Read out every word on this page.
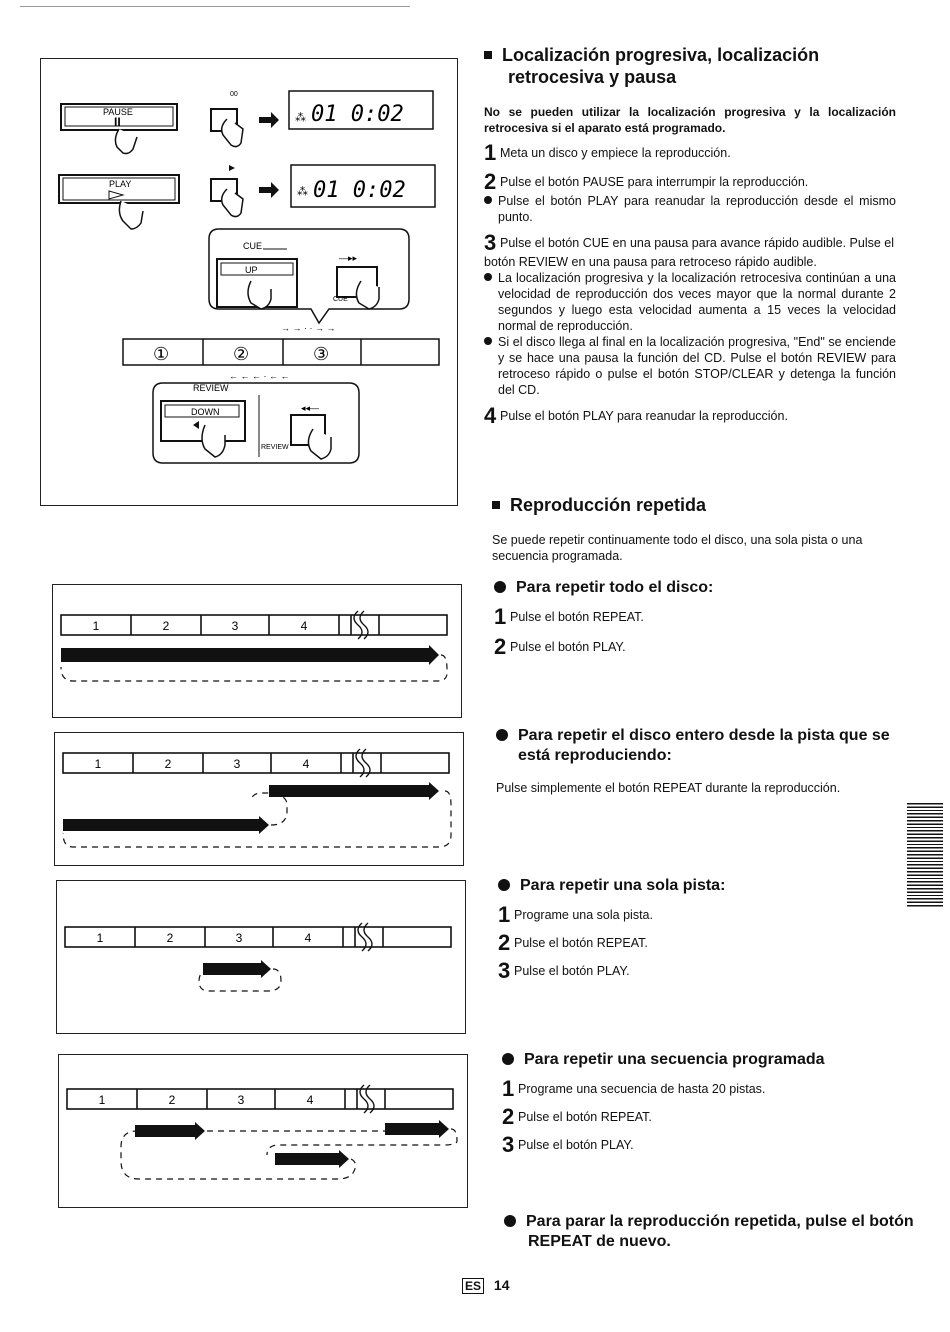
PAUSE
II
00
⁂ 01 0:02
PLAY
⁂ 01 0:02
CUE
UP
—▸▸
CUE
→ → · · → →
①	②	③
← ← ← · ← ←
REVIEW
DOWN	◂◂—
REVIEW
Localización progresiva, localización retrocesiva y pausa
No se pueden utilizar la localización progresiva y la localización retrocesiva si el aparato está programado.
1 Meta un disco y empiece la reproducción.
2 Pulse el botón PAUSE para interrumpir la reproducción.
Pulse el botón PLAY para reanudar la reproducción desde el mismo punto.
3 Pulse el botón CUE en una pausa para avance rápido audible. Pulse el botón REVIEW en una pausa para retroceso rápido audible.
La localización progresiva y la localización retrocesiva continúan a una velocidad de reproducción dos veces mayor que la normal durante 2 segundos y luego esta velocidad aumenta a 15 veces la velocidad normal de reproducción.
Si el disco llega al final en la localización progresiva, "End" se enciende y se hace una pausa la función del CD. Pulse el botón REVIEW para retroceso rápido o pulse el botón STOP/CLEAR y detenga la función del CD.
4 Pulse el botón PLAY para reanudar la reproducción.
Reproducción repetida
Se puede repetir continuamente todo el disco, una sola pista o una secuencia programada.
Para repetir todo el disco:
1 Pulse el botón REPEAT.
2 Pulse el botón PLAY.
Para repetir el disco entero desde la pista que se está reproduciendo:
Pulse simplemente el botón REPEAT durante la reproducción.
Para repetir una sola pista:
1 Programe una sola pista.
2 Pulse el botón REPEAT.
3 Pulse el botón PLAY.
Para repetir una secuencia programada
1 Programe una secuencia de hasta 20 pistas.
2 Pulse el botón REPEAT.
3 Pulse el botón PLAY.
Para parar la reproducción repetida, pulse el botón REPEAT de nuevo.
1	2	3	4
1	2	3	4
1	2	3	4
1	2	3	4
ES 14
